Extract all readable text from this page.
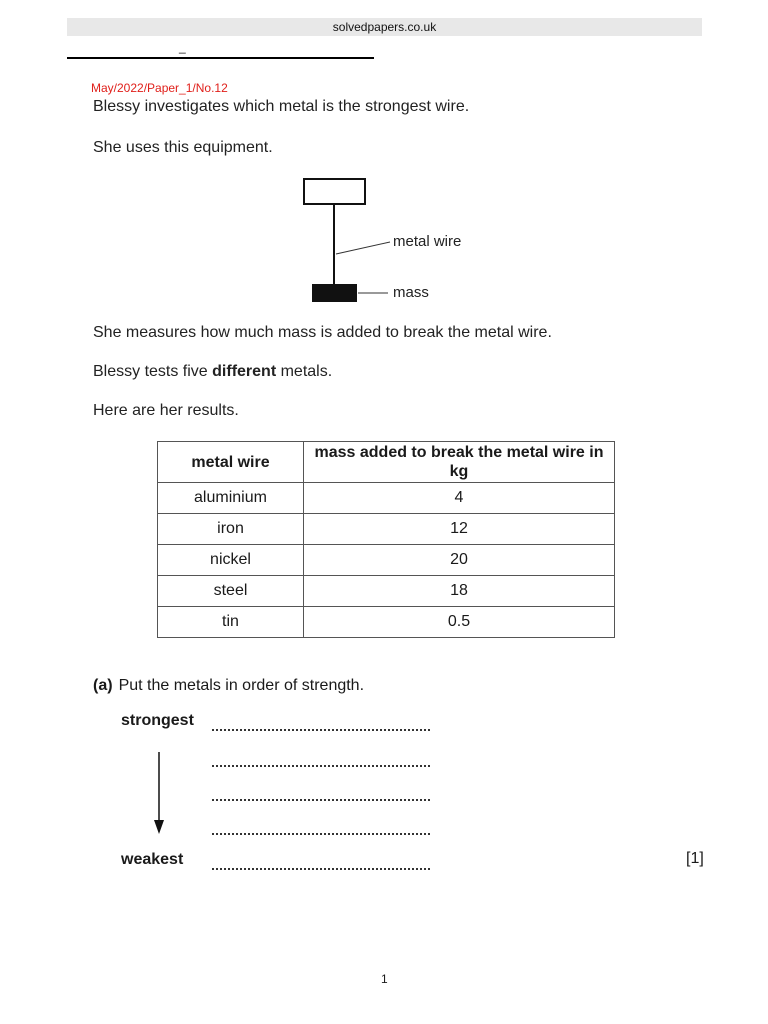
solvedpapers.co.uk
_
May/2022/Paper_1/No.12
Blessy investigates which metal is the strongest wire.
She uses this equipment.
metal wire
mass
She measures how much mass is added to break the metal wire.
Blessy tests five different metals.
Here are her results.
metal wire	mass added to break the metal wire in kg
aluminium	4
iron	12
nickel	20
steel	18
tin	0.5
(a) Put the metals in order of strength.
strongest
weakest	[1]
1
